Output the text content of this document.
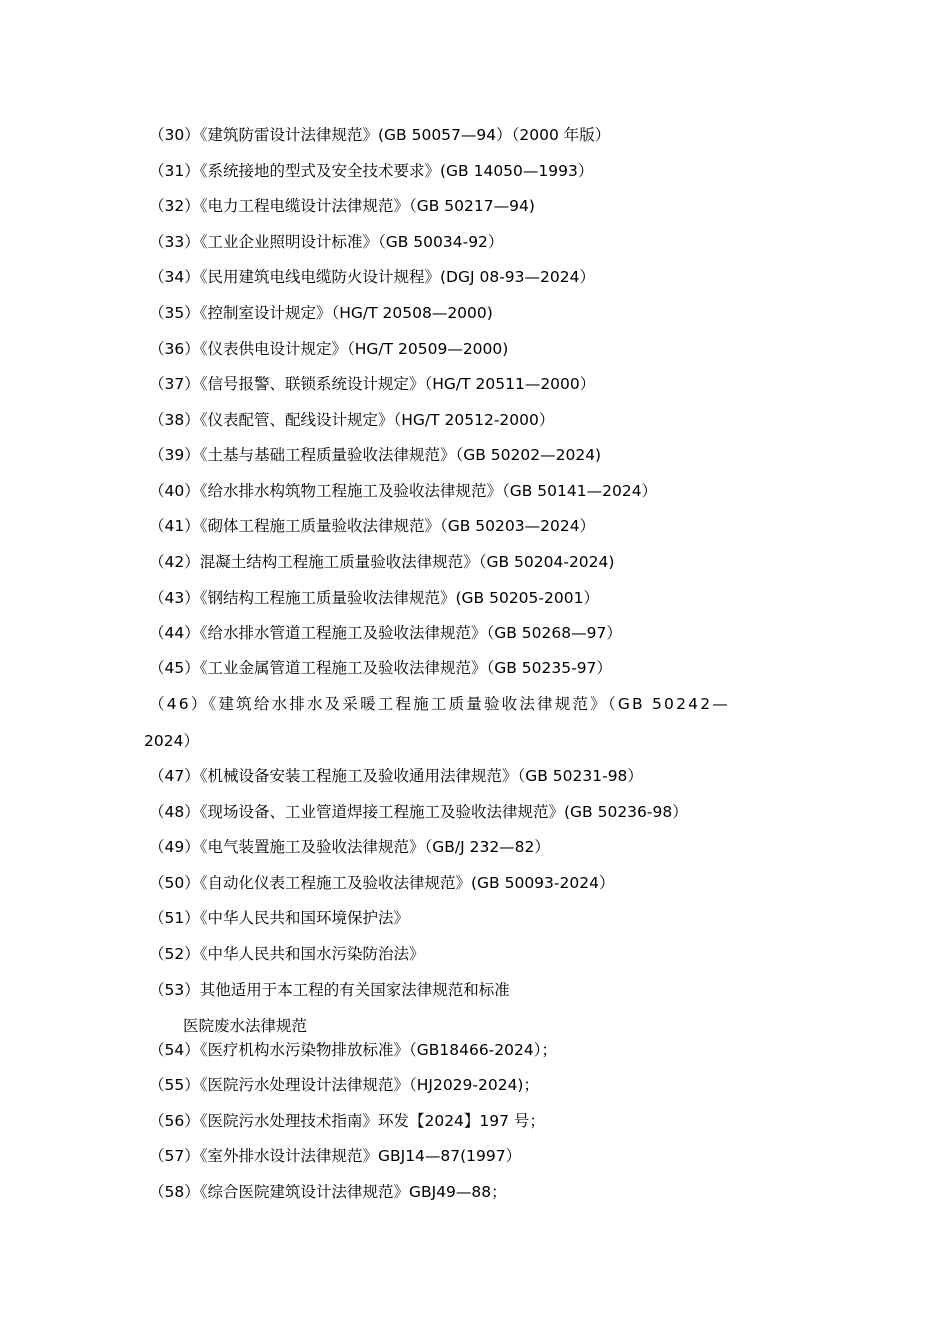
（30）《建筑防雷设计法律规范》(GB 50057—94）（2000 年版）
（31）《系统接地的型式及安全技术要求》(GB 14050—1993）
（32）《电力工程电缆设计法律规范》（GB 50217—94)
（33）《工业企业照明设计标准》（GB 50034-92）
（34）《民用建筑电线电缆防火设计规程》(DGJ 08-93—2024）
（35）《控制室设计规定》（HG/T 20508—2000)
（36）《仪表供电设计规定》（HG/T 20509—2000)
（37）《信号报警、联锁系统设计规定》（HG/T 20511—2000）
（38）《仪表配管、配线设计规定》（HG/T 20512-2000）
（39）《土基与基础工程质量验收法律规范》（GB 50202—2024)
（40）《给水排水构筑物工程施工及验收法律规范》（GB 50141—2024）
（41）《砌体工程施工质量验收法律规范》（GB 50203—2024）
（42）混凝土结构工程施工质量验收法律规范》（GB 50204-2024)
（43）《钢结构工程施工质量验收法律规范》(GB 50205-2001）
（44）《给水排水管道工程施工及验收法律规范》（GB 50268—97）
（45）《工业金属管道工程施工及验收法律规范》（GB 50235-97）
（46）《建筑给水排水及采暖工程施工质量验收法律规范》（GB 50242—
2024）
（47）《机械设备安装工程施工及验收通用法律规范》（GB 50231-98）
（48）《现场设备、工业管道焊接工程施工及验收法律规范》(GB 50236-98）
（49）《电气装置施工及验收法律规范》（GB/J 232—82）
（50）《自动化仪表工程施工及验收法律规范》(GB 50093-2024）
（51）《中华人民共和国环境保护法》
（52）《中华人民共和国水污染防治法》
（53）其他适用于本工程的有关国家法律规范和标准
医院废水法律规范
（54）《医疗机构水污染物排放标准》（GB18466-2024）；
（55）《医院污水处理设计法律规范》（HJ2029-2024)；
（56）《医院污水处理技术指南》环发【2024】197 号；
（57）《室外排水设计法律规范》GBJ14—87(1997）
（58）《综合医院建筑设计法律规范》GBJ49—88；
